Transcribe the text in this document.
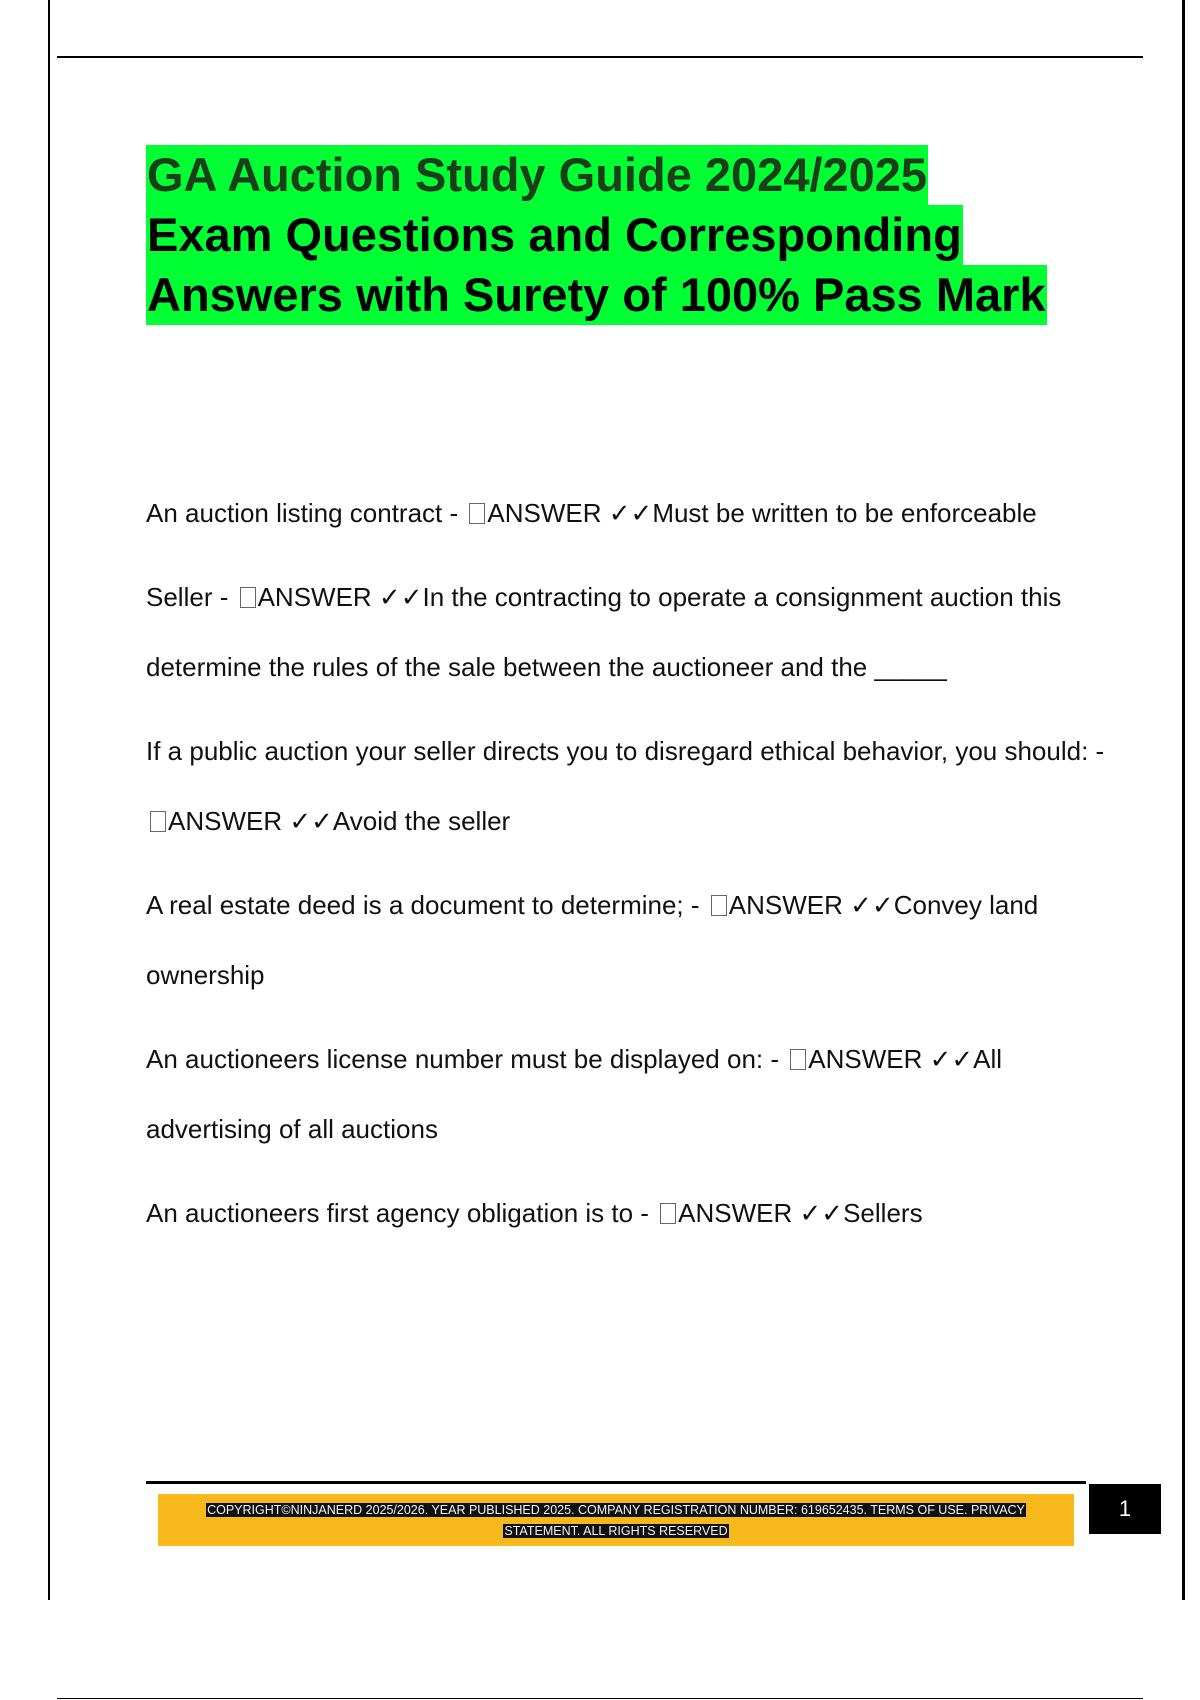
GA Auction Study Guide 2024/2025
Exam Questions and Corresponding
Answers with Surety of 100% Pass Mark

An auction listing contract - ANSWER ✓✓Must be written to be enforceable

Seller - ANSWER ✓✓In the contracting to operate a consignment auction this determine the rules of the sale between the auctioneer and the _____

If a public auction your seller directs you to disregard ethical behavior, you should: - ANSWER ✓✓Avoid the seller

A real estate deed is a document to determine; - ANSWER ✓✓Convey land ownership

An auctioneers license number must be displayed on: - ANSWER ✓✓All advertising of all auctions

An auctioneers first agency obligation is to - ANSWER ✓✓Sellers

COPYRIGHT©NINJANERD 2025/2026. YEAR PUBLISHED 2025. COMPANY REGISTRATION NUMBER: 619652435. TERMS OF USE. PRIVACY
STATEMENT. ALL RIGHTS RESERVED
1
